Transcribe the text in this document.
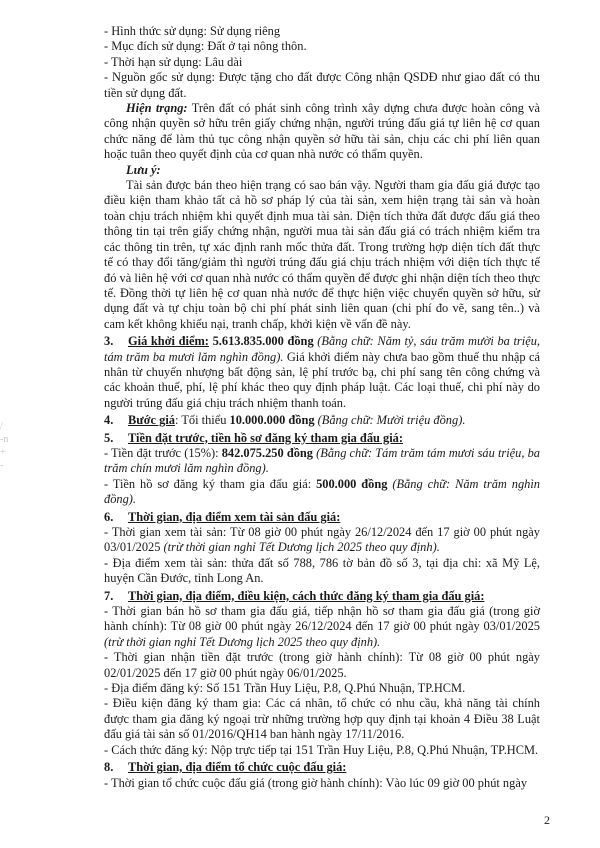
/
-n
+
-

- Hình thức sử dụng: Sử dụng riêng

- Mục đích sử dụng: Đất ở tại nông thôn.

- Thời hạn sử dụng: Lâu dài

- Nguồn gốc sử dụng: Được tặng cho đất được Công nhận QSDĐ như giao đất có thu tiền sử dụng đất.

Hiện trạng: Trên đất có phát sinh công trình xây dựng chưa được hoàn công và công nhận quyền sở hữu trên giấy chứng nhận, người trúng đấu giá tự liên hệ cơ quan chức năng để làm thủ tục công nhận quyền sở hữu tài sản, chịu các chi phí liên quan hoặc tuân theo quyết định của cơ quan nhà nước có thẩm quyền.

Lưu ý:

Tài sản được bán theo hiện trạng có sao bán vậy. Người tham gia đấu giá được tạo điều kiện tham khảo tất cả hồ sơ pháp lý của tài sản, xem hiện trạng tài sản và hoàn toàn chịu trách nhiệm khi quyết định mua tài sản. Diện tích thửa đất được đấu giá theo thông tin tại trên giấy chứng nhận, người mua tài sản đấu giá có trách nhiệm kiểm tra các thông tin trên, tự xác định ranh mốc thửa đất. Trong trường hợp diện tích đất thực tế có thay đổi tăng/giảm thì người trúng đấu giá chịu trách nhiệm với diện tích thực tế đó và liên hệ với cơ quan nhà nước có thẩm quyền để được ghi nhận diện tích theo thực tế. Đồng thời tự liên hệ cơ quan nhà nước để thực hiện việc chuyển quyền sở hữu, sử dụng đất và tự chịu toàn bộ chi phí phát sinh liên quan (chi phí đo vẽ, sang tên..) và cam kết không khiếu nại, tranh chấp, khởi kiện về vấn đề này.

3. Giá khởi điểm: 5.613.835.000 đồng (Bằng chữ: Năm tỷ, sáu trăm mười ba triệu, tám trăm ba mươi lăm nghìn đồng). Giá khởi điểm này chưa bao gồm thuế thu nhập cá nhân từ chuyển nhượng bất động sản, lệ phí trước bạ, chi phí sang tên công chứng và các khoản thuế, phí, lệ phí khác theo quy định pháp luật. Các loại thuế, chi phí này do người trúng đấu giá chịu trách nhiệm thanh toán.

4. Bước giá: Tối thiểu 10.000.000 đồng (Bằng chữ: Mười triệu đồng).

5. Tiền đặt trước, tiền hồ sơ đăng ký tham gia đấu giá:

- Tiền đặt trước (15%): 842.075.250 đồng (Bằng chữ: Tám trăm tám mươi sáu triệu, ba trăm chín mươi lăm nghìn đồng).

- Tiền hồ sơ đăng ký tham gia đấu giá: 500.000 đồng (Bằng chữ: Năm trăm nghìn đồng).

6. Thời gian, địa điểm xem tài sản đấu giá:

- Thời gian xem tài sản: Từ 08 giờ 00 phút ngày 26/12/2024 đến 17 giờ 00 phút ngày 03/01/2025 (trừ thời gian nghỉ Tết Dương lịch 2025 theo quy định).

- Địa điểm xem tài sản: thửa đất số 788, 786 tờ bản đồ số 3, tại địa chỉ: xã Mỹ Lệ, huyện Cần Đước, tỉnh Long An.

7. Thời gian, địa điểm, điều kiện, cách thức đăng ký tham gia đấu giá:

- Thời gian bán hồ sơ tham gia đấu giá, tiếp nhận hồ sơ tham gia đấu giá (trong giờ hành chính): Từ 08 giờ 00 phút ngày 26/12/2024 đến 17 giờ 00 phút ngày 03/01/2025 (trừ thời gian nghỉ Tết Dương lịch 2025 theo quy định).

- Thời gian nhận tiền đặt trước (trong giờ hành chính): Từ 08 giờ 00 phút ngày 02/01/2025 đến 17 giờ 00 phút ngày 06/01/2025.

- Địa điểm đăng ký: Số 151 Trần Huy Liệu, P.8, Q.Phú Nhuận, TP.HCM.

- Điều kiện đăng ký tham gia: Các cá nhân, tổ chức có nhu cầu, khả năng tài chính được tham gia đăng ký ngoại trừ những trường hợp quy định tại khoản 4 Điều 38 Luật đấu giá tài sản số 01/2016/QH14 ban hành ngày 17/11/2016.

- Cách thức đăng ký: Nộp trực tiếp tại 151 Trần Huy Liệu, P.8, Q.Phú Nhuận, TP.HCM.

8. Thời gian, địa điểm tổ chức cuộc đấu giá:

- Thời gian tổ chức cuộc đấu giá (trong giờ hành chính): Vào lúc 09 giờ 00 phút ngày

2
